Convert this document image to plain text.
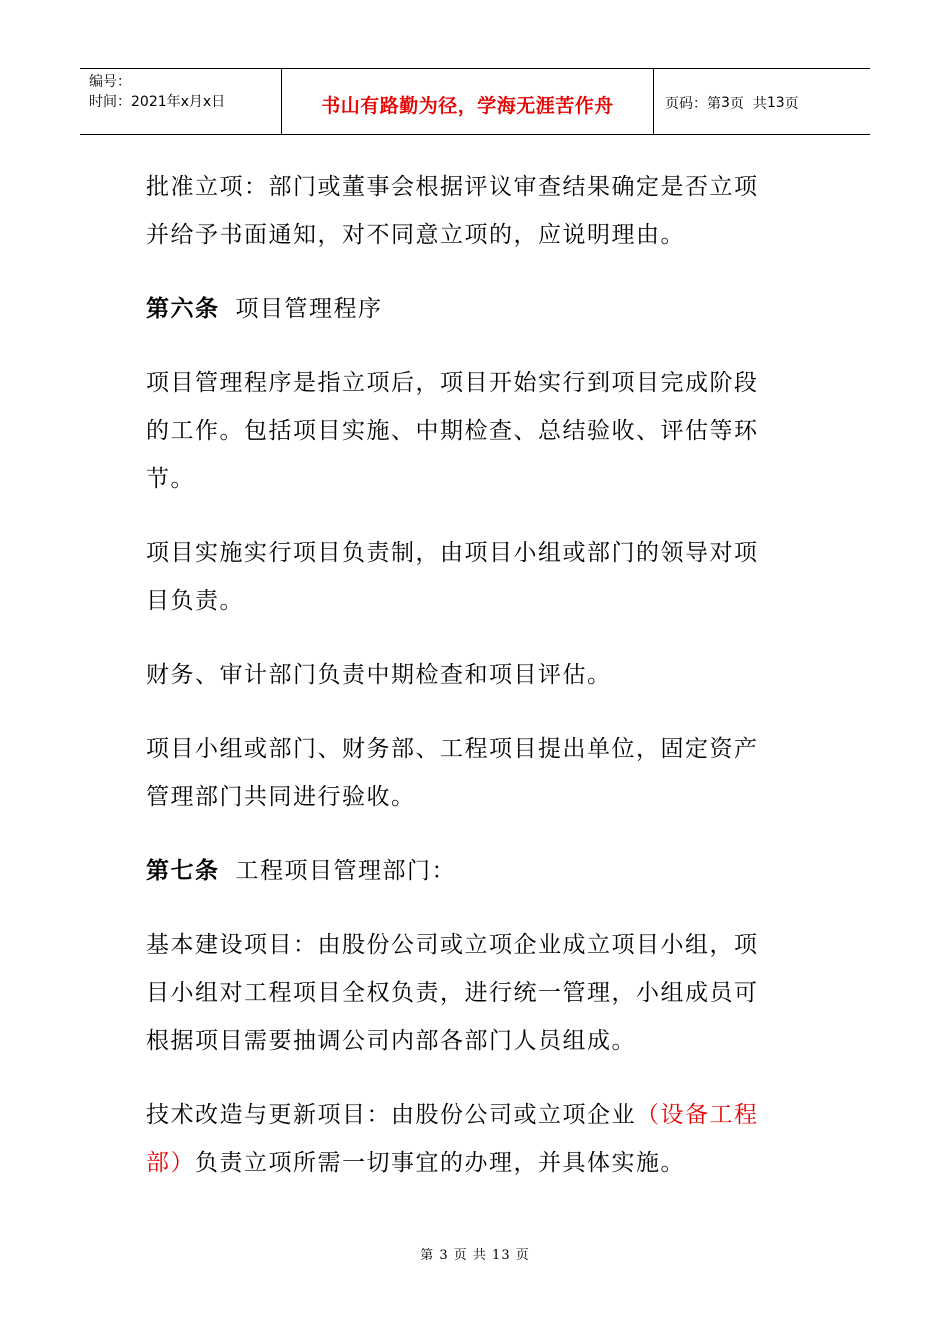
编号：
时间：2021年x月x日	书山有路勤为径，学海无涯苦作舟	页码：第 3 页  共 13 页

批准立项：部门或董事会根据评议审查结果确定是否立项
并给予书面通知，对不同意立项的，应说明理由。

第六条 项目管理程序

项目管理程序是指立项后，项目开始实行到项目完成阶段
的工作。包括项目实施、中期检查、总结验收、评估等环
节。

项目实施实行项目负责制，由项目小组或部门的领导对项
目负责。

财务、审计部门负责中期检查和项目评估。

项目小组或部门、财务部、工程项目提出单位，固定资产
管理部门共同进行验收。

第七条 工程项目管理部门：

基本建设项目：由股份公司或立项企业成立项目小组，项
目小组对工程项目全权负责，进行统一管理，小组成员可
根据项目需要抽调公司内部各部门人员组成。

技术改造与更新项目：由股份公司或立项企业（设备工程
部）负责立项所需一切事宜的办理，并具体实施。

第 3 页 共 13 页
